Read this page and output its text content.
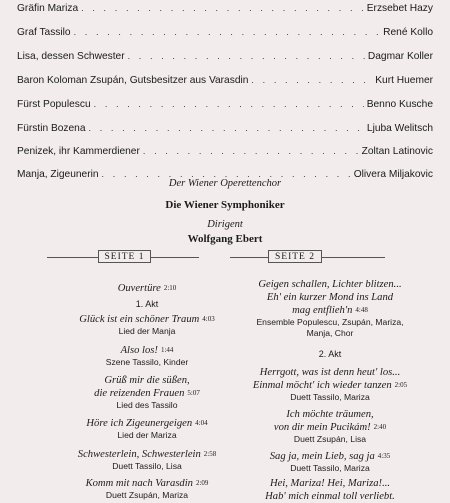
Gräfin Mariza . . .	Erzsebet Hazy
Graf Tassilo . . .	René Kollo
Lisa, dessen Schwester . . .	Dagmar Koller
Baron Koloman Zsupán, Gutsbesitzer aus Varasdin . . .	Kurt Huemer
Fürst Populescu . . .	Benno Kusche
Fürstin Bozena . . .	Ljuba Welitsch
Penizek, ihr Kammerdiener . . .	Zoltan Latinovic
Manja, Zigeunerin . . .	Olivera Miljakovic
Der Wiener Operettenchor
Die Wiener Symphoniker
Dirigent
Wolfgang Ebert
SEITE 1	SEITE 2
Ouvertüre 2:10
1. Akt
Glück ist ein schöner Traum 4:03
Lied der Manja
Also los! 1:44
Szene Tassilo, Kinder
Grüß mir die süßen,
die reizenden Frauen 5:07
Lied des Tassilo
Höre ich Zigeunergeigen 4:04
Lied der Mariza
Schwesterlein, Schwesterlein 2:58
Duett Tassilo, Lisa
Komm mit nach Varasdin 2:09
Duett Zsupán, Mariza
Geigen schallen, Lichter blitzen...
Eh' ein kurzer Mond ins Land
mag entflieh'n 4:48
Ensemble Populescu, Zsupán, Mariza,
Manja, Chor
2. Akt
Herrgott, was ist denn heut' los...
Einmal möcht' ich wieder tanzen 2:05
Duett Tassilo, Mariza
Ich möchte träumen,
von dir mein Pucikám! 2:40
Duett Zsupán, Lisa
Sag ja, mein Lieb, sag ja 4:35
Duett Tassilo, Mariza
Hei, Mariza! Hei, Mariza!...
Hab' mich einmal toll verliebt.
